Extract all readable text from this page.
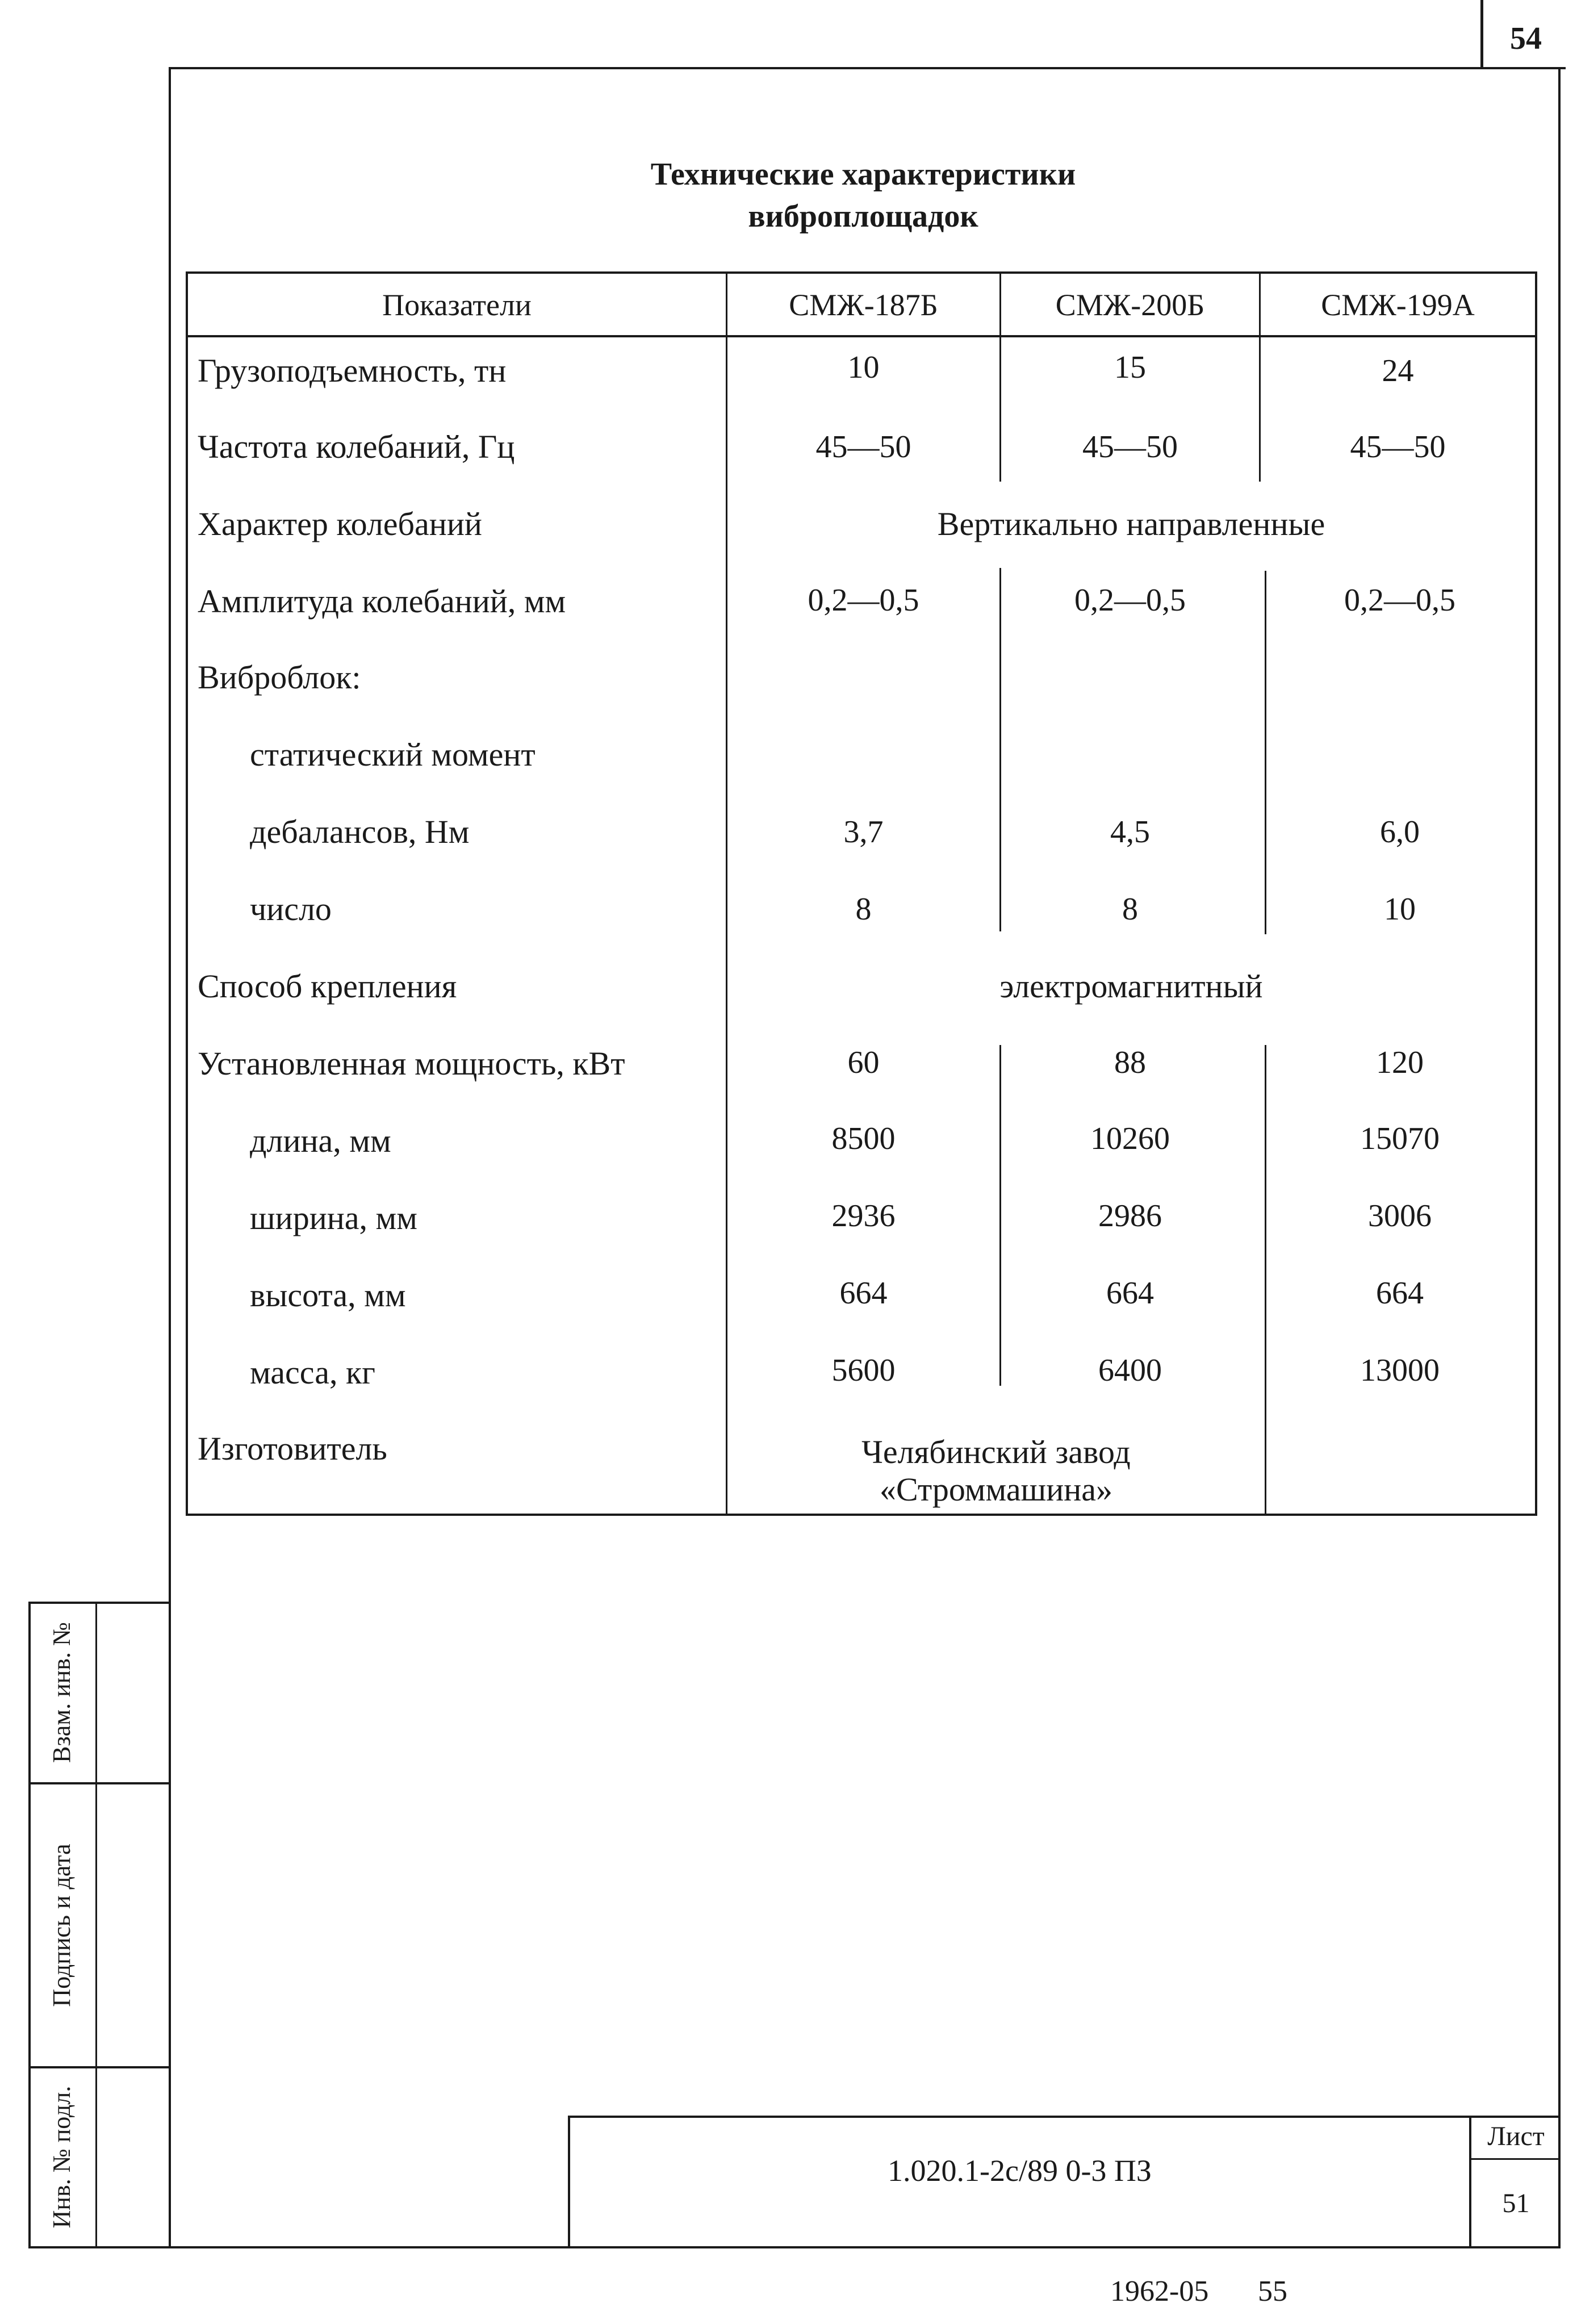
54
Технические характеристики
виброплощадок
Показатели	СМЖ-187Б	СМЖ-200Б	СМЖ-199А
Грузоподъемность, тн	10	15	24
Частота колебаний, Гц	45—50	45—50	45—50
Характер колебаний	Вертикально направленные
Амплитуда колебаний, мм	0,2—0,5	0,2—0,5	0,2—0,5
Виброблок:
статический момент
дебалансов, Нм	3,7	4,5	6,0
число	8	8	10
Способ крепления	электромагнитный
Установленная мощность, кВт	60	88	120
длина, мм	8500	10260	15070
ширина, мм	2936	2986	3006
высота, мм	664	664	664
масса, кг	5600	6400	13000
Изготовитель	Челябинский завод
«Строммашина»
Взам. инв. №
Подпись и дата
Инв. № подл.	1.020.1-2с/89 0-3 ПЗ
Лист
51
1962-05 55
